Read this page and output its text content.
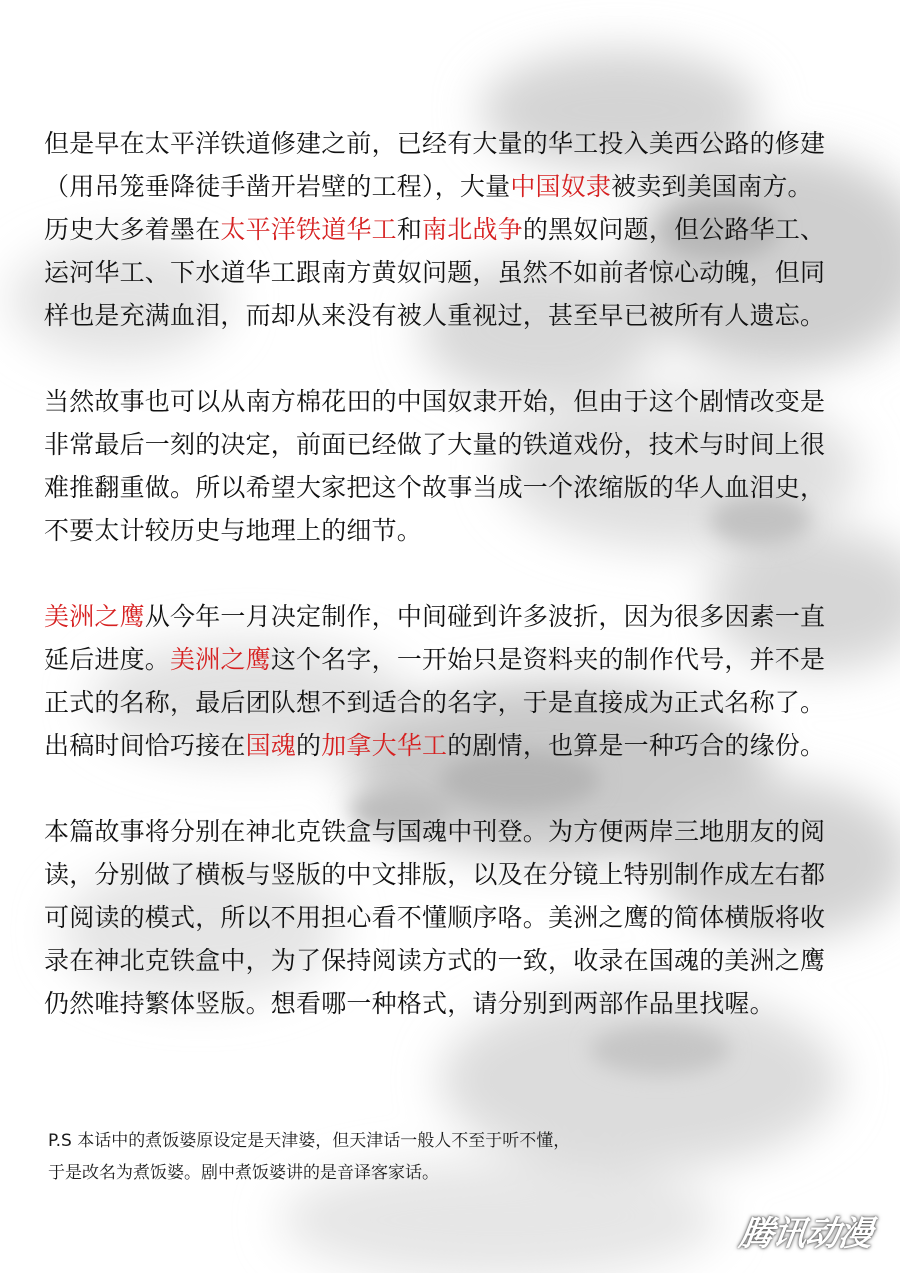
但是早在太平洋铁道修建之前，已经有大量的华工投入美西公路的修建
（用吊笼垂降徒手凿开岩壁的工程），大量中国奴隶被卖到美国南方。
历史大多着墨在太平洋铁道华工和南北战争的黑奴问题，但公路华工、
运河华工、下水道华工跟南方黄奴问题，虽然不如前者惊心动魄，但同
样也是充满血泪，而却从来没有被人重视过，甚至早已被所有人遗忘。

当然故事也可以从南方棉花田的中国奴隶开始，但由于这个剧情改变是
非常最后一刻的决定，前面已经做了大量的铁道戏份，技术与时间上很
难推翻重做。所以希望大家把这个故事当成一个浓缩版的华人血泪史，
不要太计较历史与地理上的细节。

美洲之鹰从今年一月决定制作，中间碰到许多波折，因为很多因素一直
延后进度。美洲之鹰这个名字，一开始只是资料夹的制作代号，并不是
正式的名称，最后团队想不到适合的名字，于是直接成为正式名称了。
出稿时间恰巧接在国魂的加拿大华工的剧情，也算是一种巧合的缘份。

本篇故事将分别在神北克铁盒与国魂中刊登。为方便两岸三地朋友的阅
读，分别做了横板与竖版的中文排版，以及在分镜上特别制作成左右都
可阅读的模式，所以不用担心看不懂顺序咯。美洲之鹰的简体横版将收
录在神北克铁盒中，为了保持阅读方式的一致，收录在国魂的美洲之鹰
仍然唯持繁体竖版。想看哪一种格式，请分别到两部作品里找喔。

P.S 本话中的煮饭婆原设定是天津婆，但天津话一般人不至于听不懂，
于是改名为煮饭婆。剧中煮饭婆讲的是音译客家话。
腾讯动漫
